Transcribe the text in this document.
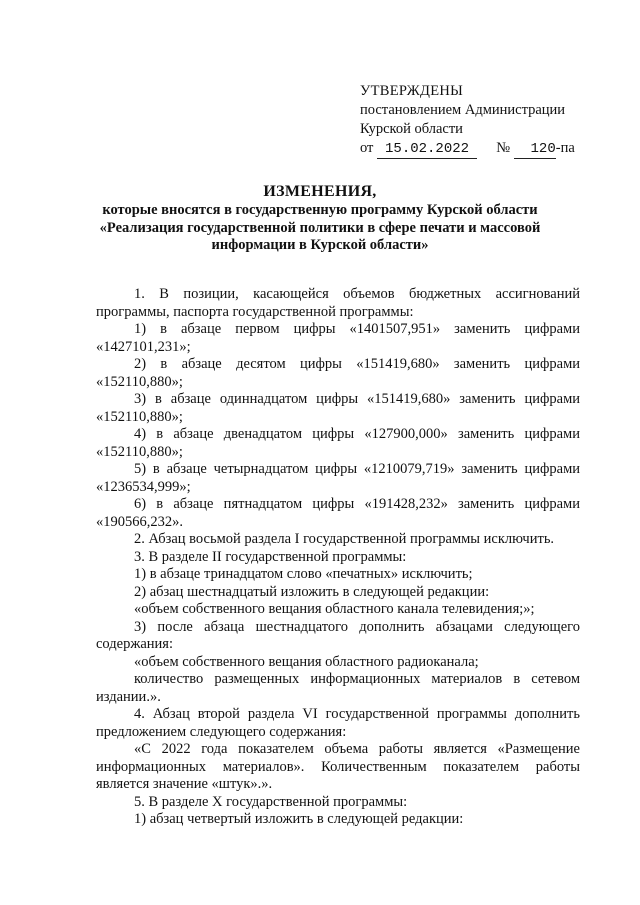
УТВЕРЖДЕНЫ
постановлением Администрации
Курской области
от 15.02.2022 № 120-па
ИЗМЕНЕНИЯ,
которые вносятся в государственную программу Курской области
«Реализация государственной политики в сфере печати и массовой
информации в Курской области»

1. В позиции, касающейся объемов бюджетных ассигнований программы, паспорта государственной программы:

1) в абзаце первом цифры «1401507,951» заменить цифрами «1427101,231»;

2) в абзаце десятом цифры «151419,680» заменить цифрами «152110,880»;

3) в абзаце одиннадцатом цифры «151419,680» заменить цифрами «152110,880»;

4) в абзаце двенадцатом цифры «127900,000» заменить цифрами «152110,880»;

5) в абзаце четырнадцатом цифры «1210079,719» заменить цифрами «1236534,999»;

6) в абзаце пятнадцатом цифры «191428,232» заменить цифрами «190566,232».

2. Абзац восьмой раздела I государственной программы исключить.

3. В разделе II государственной программы:

1) в абзаце тринадцатом слово «печатных» исключить;

2) абзац шестнадцатый изложить в следующей редакции:

«объем собственного вещания областного канала телевидения;»;

3) после абзаца шестнадцатого дополнить абзацами следующего содержания:

«объем собственного вещания областного радиоканала;

количество размещенных информационных материалов в сетевом издании.».

4. Абзац второй раздела VI государственной программы дополнить предложением следующего содержания:

«С 2022 года показателем объема работы является «Размещение информационных материалов». Количественным показателем работы является значение «штук».».

5. В разделе X государственной программы:

1) абзац четвертый изложить в следующей редакции:
